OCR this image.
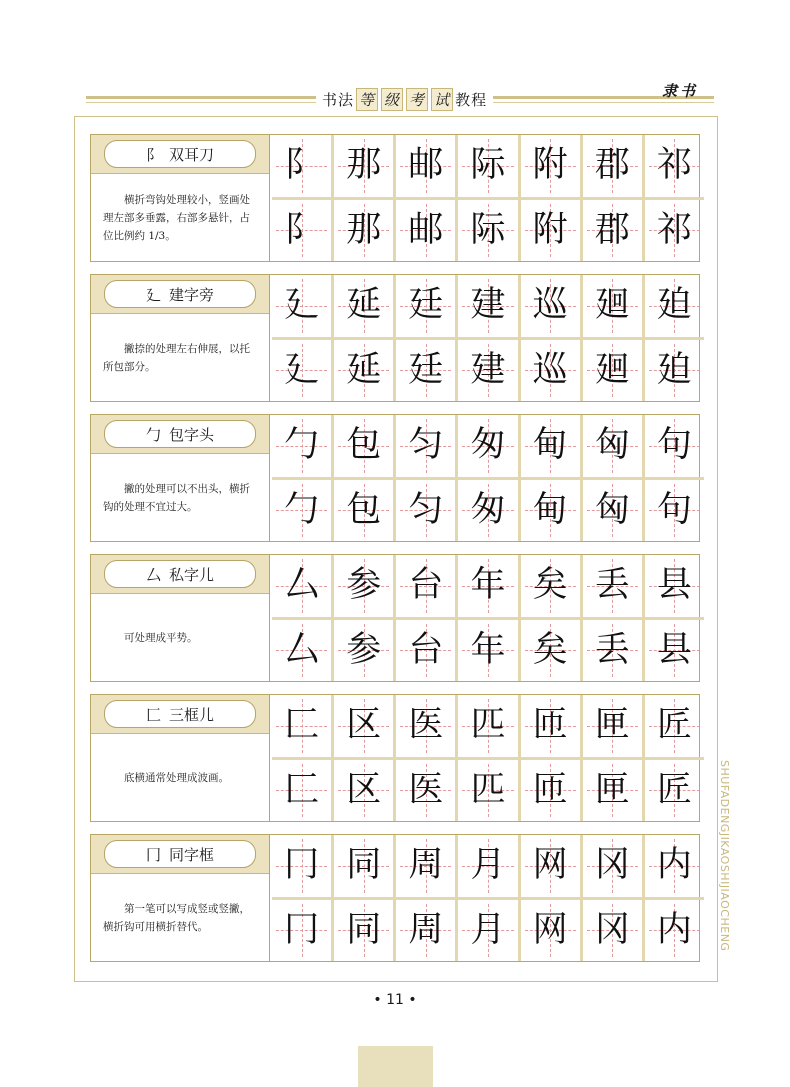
书法 等 级 考 试 教程	隶书
阝 双耳刀
横折弯钩处理较小，竖画处理左部多垂露，右部多悬针，占位比例约 1/3。
阝 那 邮 际 附 郡 祁
阝 那 邮 际 附 郡 祁
廴 建字旁
撇捺的处理左右伸展，以托所包部分。
廴 延 廷 建 巡 廻 廹
廴 延 廷 建 巡 廻 廹
勹 包字头
撇的处理可以不出头，横折钩的处理不宜过大。
勹 包 匀 匆 甸 匈 句
勹 包 匀 匆 甸 匈 句
厶 私字儿
可处理成平势。
厶 参 台 年 矣 丢 县
厶 参 台 年 矣 丢 县
匚 三框儿
底横通常处理成波画。
匚 区 医 匹 匝 匣 匠
匚 区 医 匹 匝 匣 匠
冂 同字框
第一笔可以写成竖或竖撇，横折钩可用横折替代。
冂 同 周 月 网 冈 内
冂 同 周 月 网 冈 内 SHUFADENGJIKAOSHIJIAOCHENG
• 11 •
